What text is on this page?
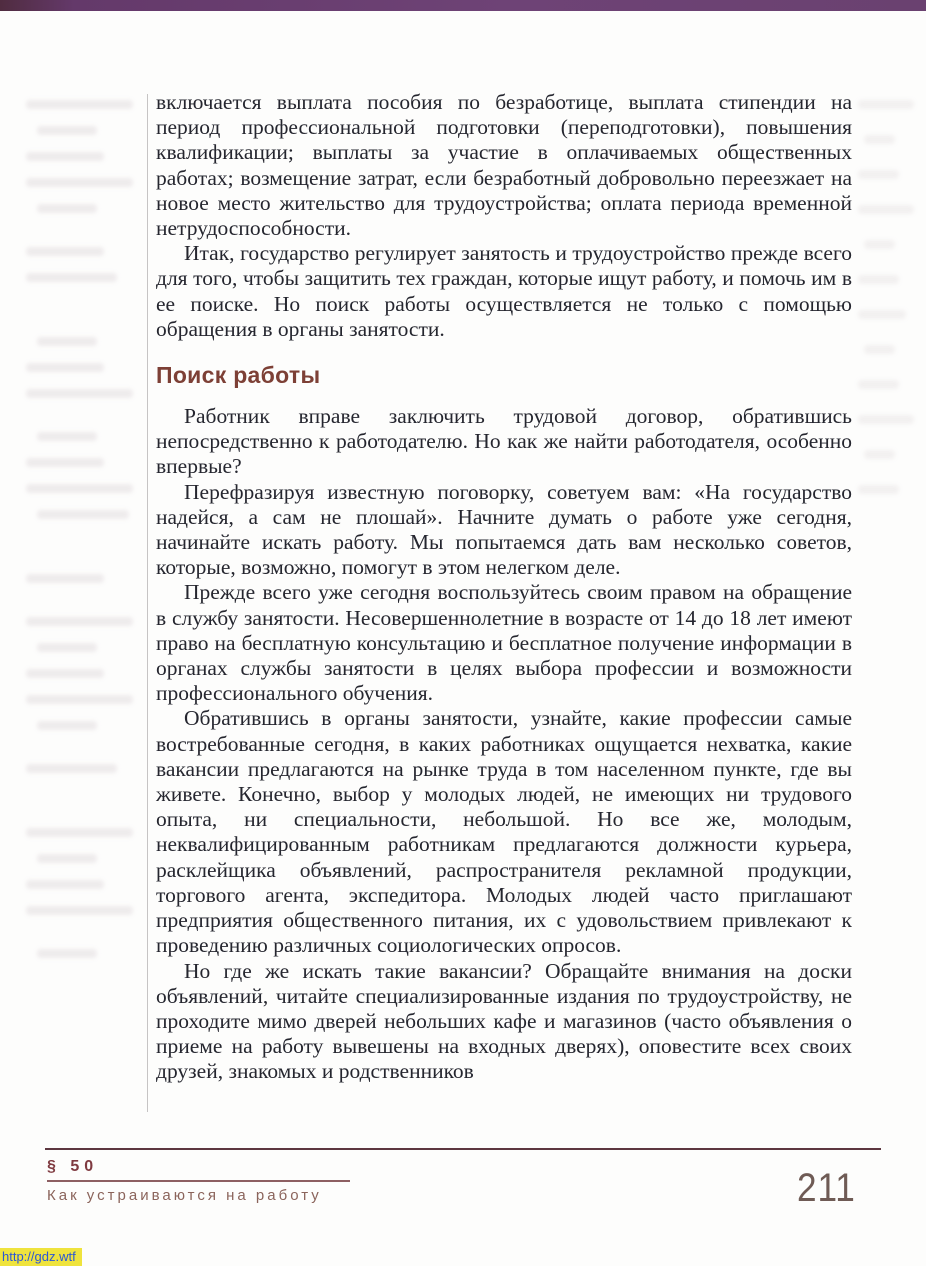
включается выплата пособия по безработице, выплата стипендии на период профессиональной подготовки (переподготовки), повышения квалификации; выплаты за участие в оплачиваемых общественных работах; возмещение затрат, если безработный добровольно переезжает на новое место жительство для трудоустройства; оплата периода временной нетрудоспособности.

Итак, государство регулирует занятость и трудоустройство прежде всего для того, чтобы защитить тех граждан, которые ищут работу, и помочь им в ее поиске. Но поиск работы осуществляется не только с помощью обращения в органы занятости.

Поиск работы

Работник вправе заключить трудовой договор, обратившись непосредственно к работодателю. Но как же найти работодателя, особенно впервые?

Перефразируя известную поговорку, советуем вам: «На государство надейся, а сам не плошай». Начните думать о работе уже сегодня, начинайте искать работу. Мы попытаемся дать вам несколько советов, которые, возможно, помогут в этом нелегком деле.

Прежде всего уже сегодня воспользуйтесь своим правом на обращение в службу занятости. Несовершеннолетние в возрасте от 14 до 18 лет имеют право на бесплатную консультацию и бесплатное получение информации в органах службы занятости в целях выбора профессии и возможности профессионального обучения.

Обратившись в органы занятости, узнайте, какие профессии самые востребованные сегодня, в каких работниках ощущается нехватка, какие вакансии предлагаются на рынке труда в том населенном пункте, где вы живете. Конечно, выбор у молодых людей, не имеющих ни трудового опыта, ни специальности, небольшой. Но все же, молодым, неквалифицированным работникам предлагаются должности курьера, расклейщика объявлений, распространителя рекламной продукции, торгового агента, экспедитора. Молодых людей часто приглашают предприятия общественного питания, их с удовольствием привлекают к проведению различных социологических опросов.

Но где же искать такие вакансии? Обращайте внимания на доски объявлений, читайте специализированные издания по трудоустройству, не проходите мимо дверей небольших кафе и магазинов (часто объявления о приеме на работу вывешены на входных дверях), оповестите всех своих друзей, знакомых и родственников

§ 50
Как устраиваются на работу	211
http://gdz.wtf
